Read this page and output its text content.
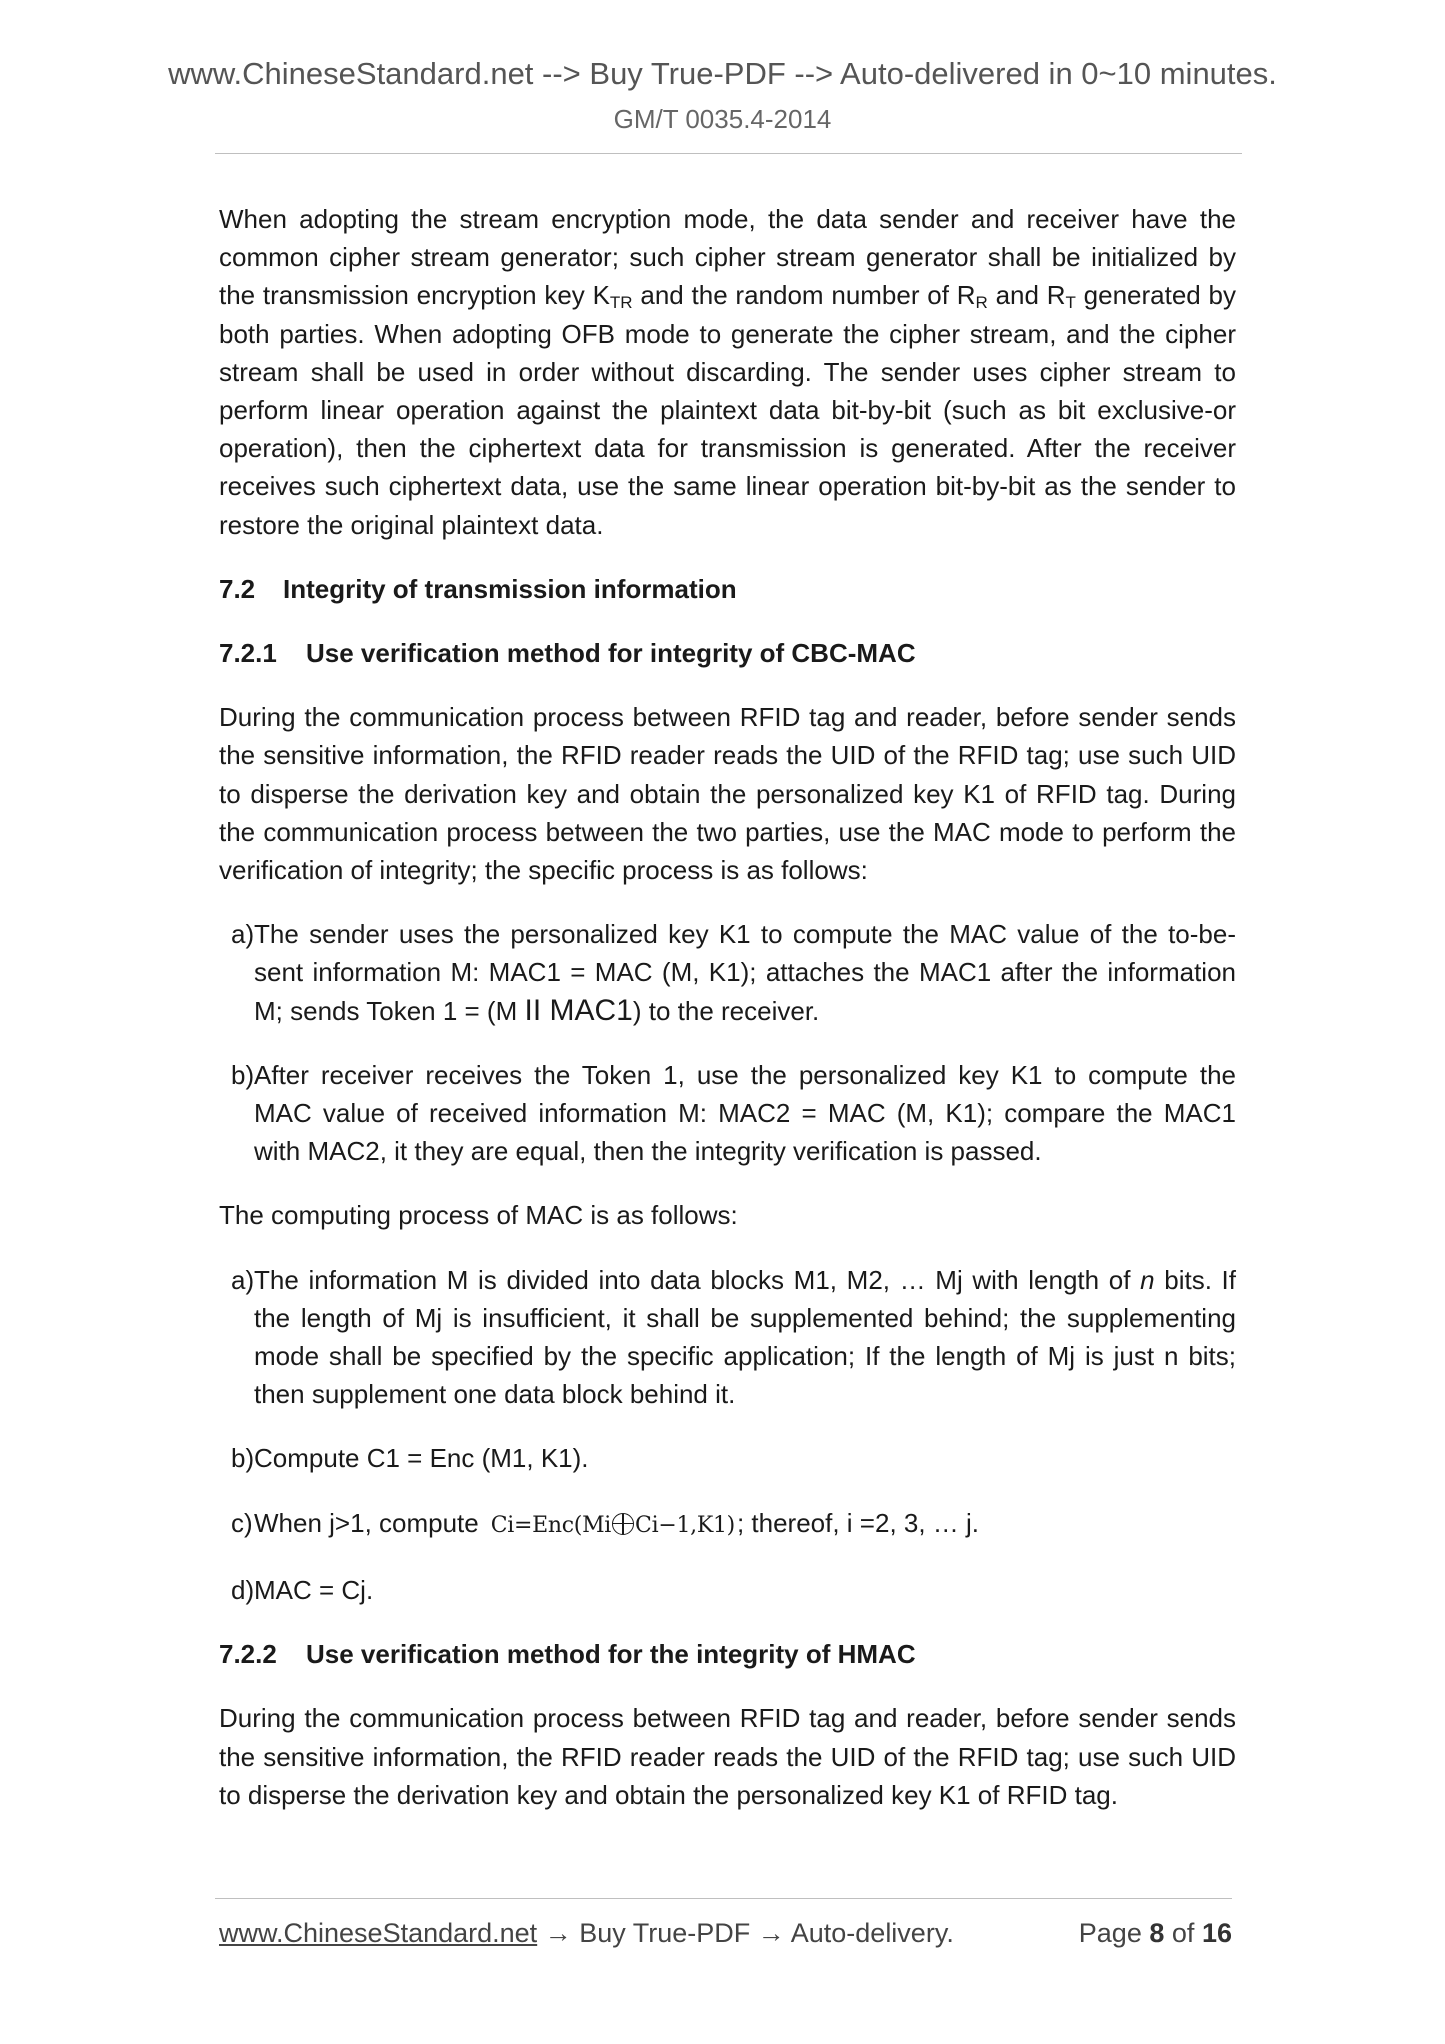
www.ChineseStandard.net --> Buy True-PDF --> Auto-delivered in 0~10 minutes.
GM/T 0035.4-2014

When adopting the stream encryption mode, the data sender and receiver have the common cipher stream generator; such cipher stream generator shall be initialized by the transmission encryption key $K_{TR}$ and the random number of $R_R$ and $R_T$ generated by both parties. When adopting OFB mode to generate the cipher stream, and the cipher stream shall be used in order without discarding. The sender uses cipher stream to perform linear operation against the plaintext data bit-by-bit (such as bit exclusive-or operation), then the ciphertext data for transmission is generated. After the receiver receives such ciphertext data, use the same linear operation bit-by-bit as the sender to restore the original plaintext data.

7.2 Integrity of transmission information

7.2.1 Use verification method for integrity of CBC-MAC

During the communication process between RFID tag and reader, before sender sends the sensitive information, the RFID reader reads the UID of the RFID tag; use such UID to disperse the derivation key and obtain the personalized key K1 of RFID tag. During the communication process between the two parties, use the MAC mode to perform the verification of integrity; the specific process is as follows:

a) The sender uses the personalized key K1 to compute the MAC value of the to-be-sent information M: MAC1 = MAC (M, K1); attaches the MAC1 after the information M; sends Token 1 = (M II MAC1) to the receiver.

b) After receiver receives the Token 1, use the personalized key K1 to compute the MAC value of received information M: MAC2 = MAC (M, K1); compare the MAC1 with MAC2, it they are equal, then the integrity verification is passed.

The computing process of MAC is as follows:

a) The information M is divided into data blocks M1, M2, … Mj with length of n bits. If the length of Mj is insufficient, it shall be supplemented behind; the supplementing mode shall be specified by the specific application; If the length of Mj is just n bits; then supplement one data block behind it.

b) Compute C1 = Enc (M1, K1).

c) When j>1, compute Ci=Enc(Mi Ci−1,K1); thereof, i =2, 3, … j.

d) MAC = Cj.

7.2.2 Use verification method for the integrity of HMAC

During the communication process between RFID tag and reader, before sender sends the sensitive information, the RFID reader reads the UID of the RFID tag; use such UID to disperse the derivation key and obtain the personalized key K1 of RFID tag.

www.ChineseStandard.net → Buy True-PDF → Auto-delivery.	Page 8 of 16
